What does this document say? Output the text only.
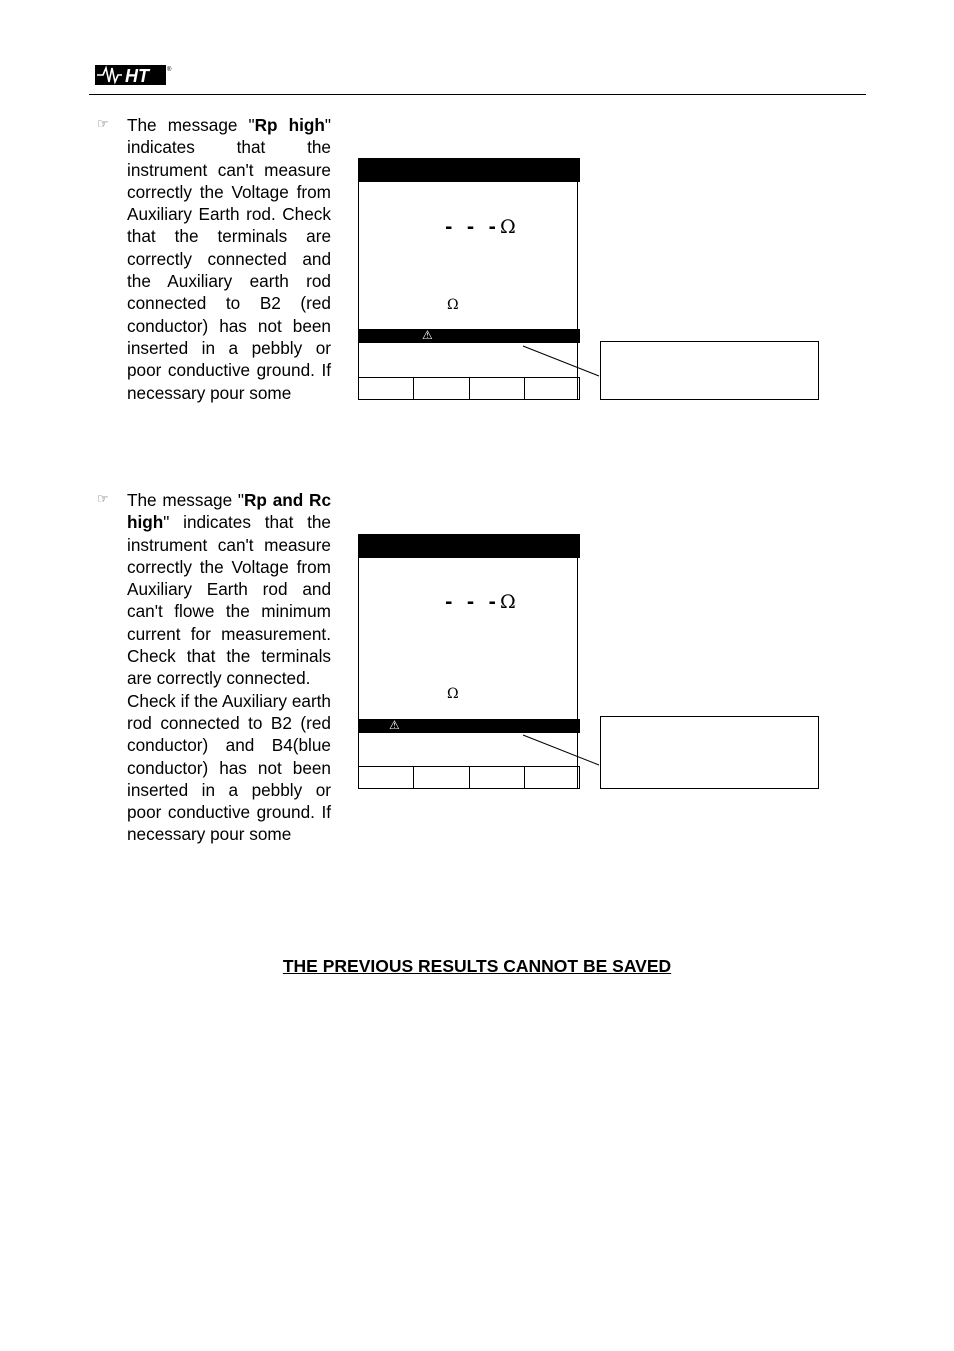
HT	®
☞ The message "Rp high" indicates that the instrument can't measure correctly the Voltage from Auxiliary Earth rod. Check that the terminals are correctly connected and the Auxiliary earth rod connected to B2 (red conductor) has not been inserted in a pebbly or poor conductive ground. If necessary pour some
- - -Ω
Ω
⚠
☞ The message "Rp and Rc high" indicates that the instrument can't measure correctly the Voltage from Auxiliary Earth rod and can't flowe the minimum current for measurement. Check that the terminals are correctly connected.
Check if the Auxiliary earth rod connected to B2 (red conductor) and B4(blue conductor) has not been inserted in a pebbly or poor conductive ground. If necessary pour some
- - -Ω
Ω
⚠
THE PREVIOUS RESULTS CANNOT BE SAVED
